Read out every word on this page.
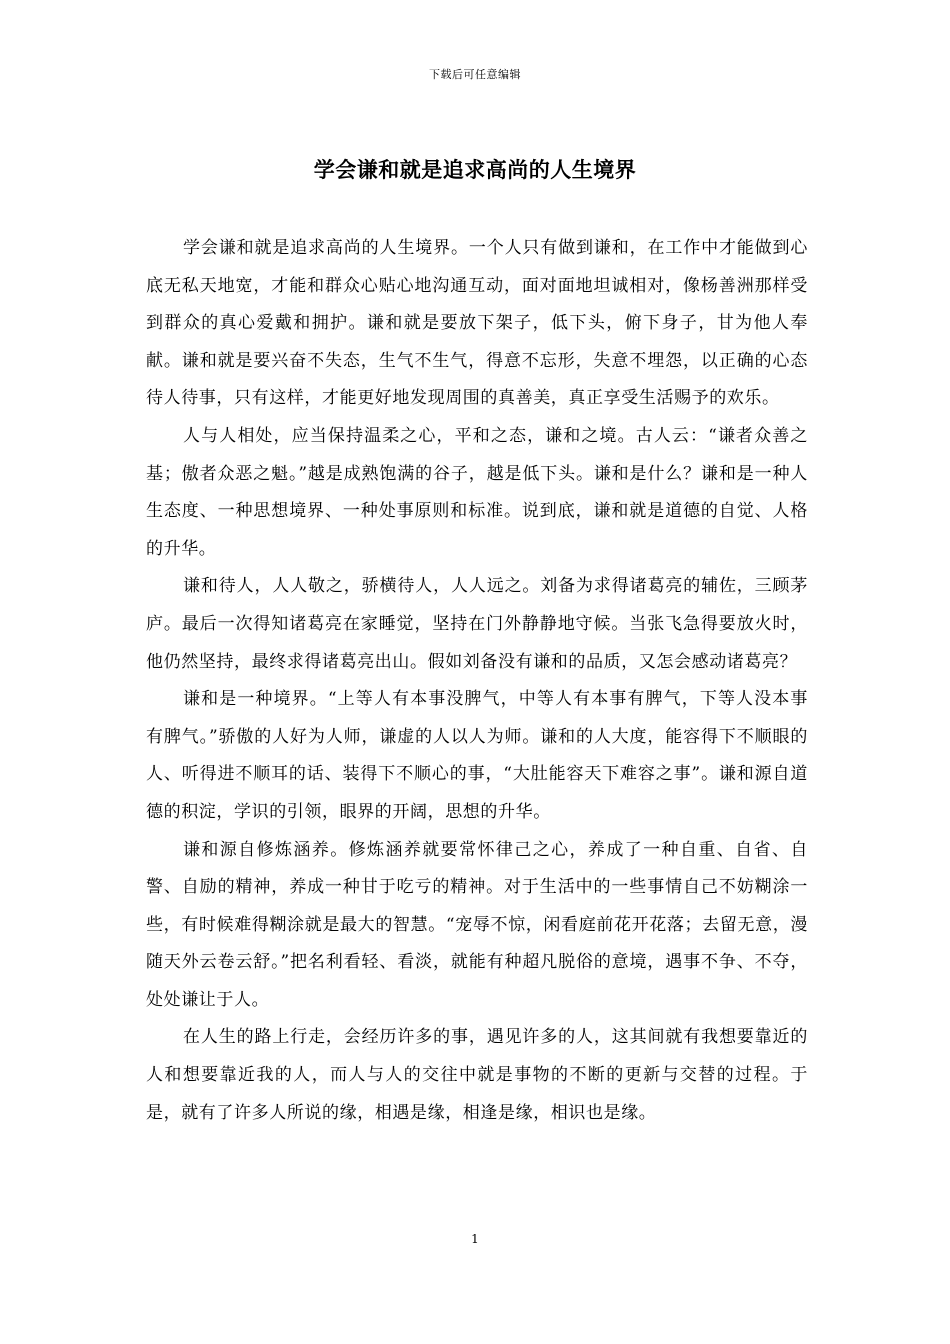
下载后可任意编辑
学会谦和就是追求高尚的人生境界

学会谦和就是追求高尚的人生境界。一个人只有做到谦和，在工作中才能做到心底无私天地宽，才能和群众心贴心地沟通互动，面对面地坦诚相对，像杨善洲那样受到群众的真心爱戴和拥护。谦和就是要放下架子，低下头，俯下身子，甘为他人奉献。谦和就是要兴奋不失态，生气不生气，得意不忘形，失意不埋怨，以正确的心态待人待事，只有这样，才能更好地发现周围的真善美，真正享受生活赐予的欢乐。

人与人相处，应当保持温柔之心，平和之态，谦和之境。古人云：“谦者众善之基；傲者众恶之魁。”越是成熟饱满的谷子，越是低下头。谦和是什么？谦和是一种人生态度、一种思想境界、一种处事原则和标准。说到底，谦和就是道德的自觉、人格的升华。

谦和待人，人人敬之，骄横待人，人人远之。刘备为求得诸葛亮的辅佐，三顾茅庐。最后一次得知诸葛亮在家睡觉，坚持在门外静静地守候。当张飞急得要放火时，他仍然坚持，最终求得诸葛亮出山。假如刘备没有谦和的品质，又怎会感动诸葛亮？

谦和是一种境界。“上等人有本事没脾气，中等人有本事有脾气，下等人没本事有脾气。”骄傲的人好为人师，谦虚的人以人为师。谦和的人大度，能容得下不顺眼的人、听得进不顺耳的话、装得下不顺心的事，“大肚能容天下难容之事”。谦和源自道德的积淀，学识的引领，眼界的开阔，思想的升华。

谦和源自修炼涵养。修炼涵养就要常怀律己之心，养成了一种自重、自省、自警、自励的精神，养成一种甘于吃亏的精神。对于生活中的一些事情自己不妨糊涂一些，有时候难得糊涂就是最大的智慧。“宠辱不惊，闲看庭前花开花落；去留无意，漫随天外云卷云舒。”把名利看轻、看淡，就能有种超凡脱俗的意境，遇事不争、不夺，处处谦让于人。

在人生的路上行走，会经历许多的事，遇见许多的人，这其间就有我想要靠近的人和想要靠近我的人，而人与人的交往中就是事物的不断的更新与交替的过程。于是，就有了许多人所说的缘，相遇是缘，相逢是缘，相识也是缘。

1
